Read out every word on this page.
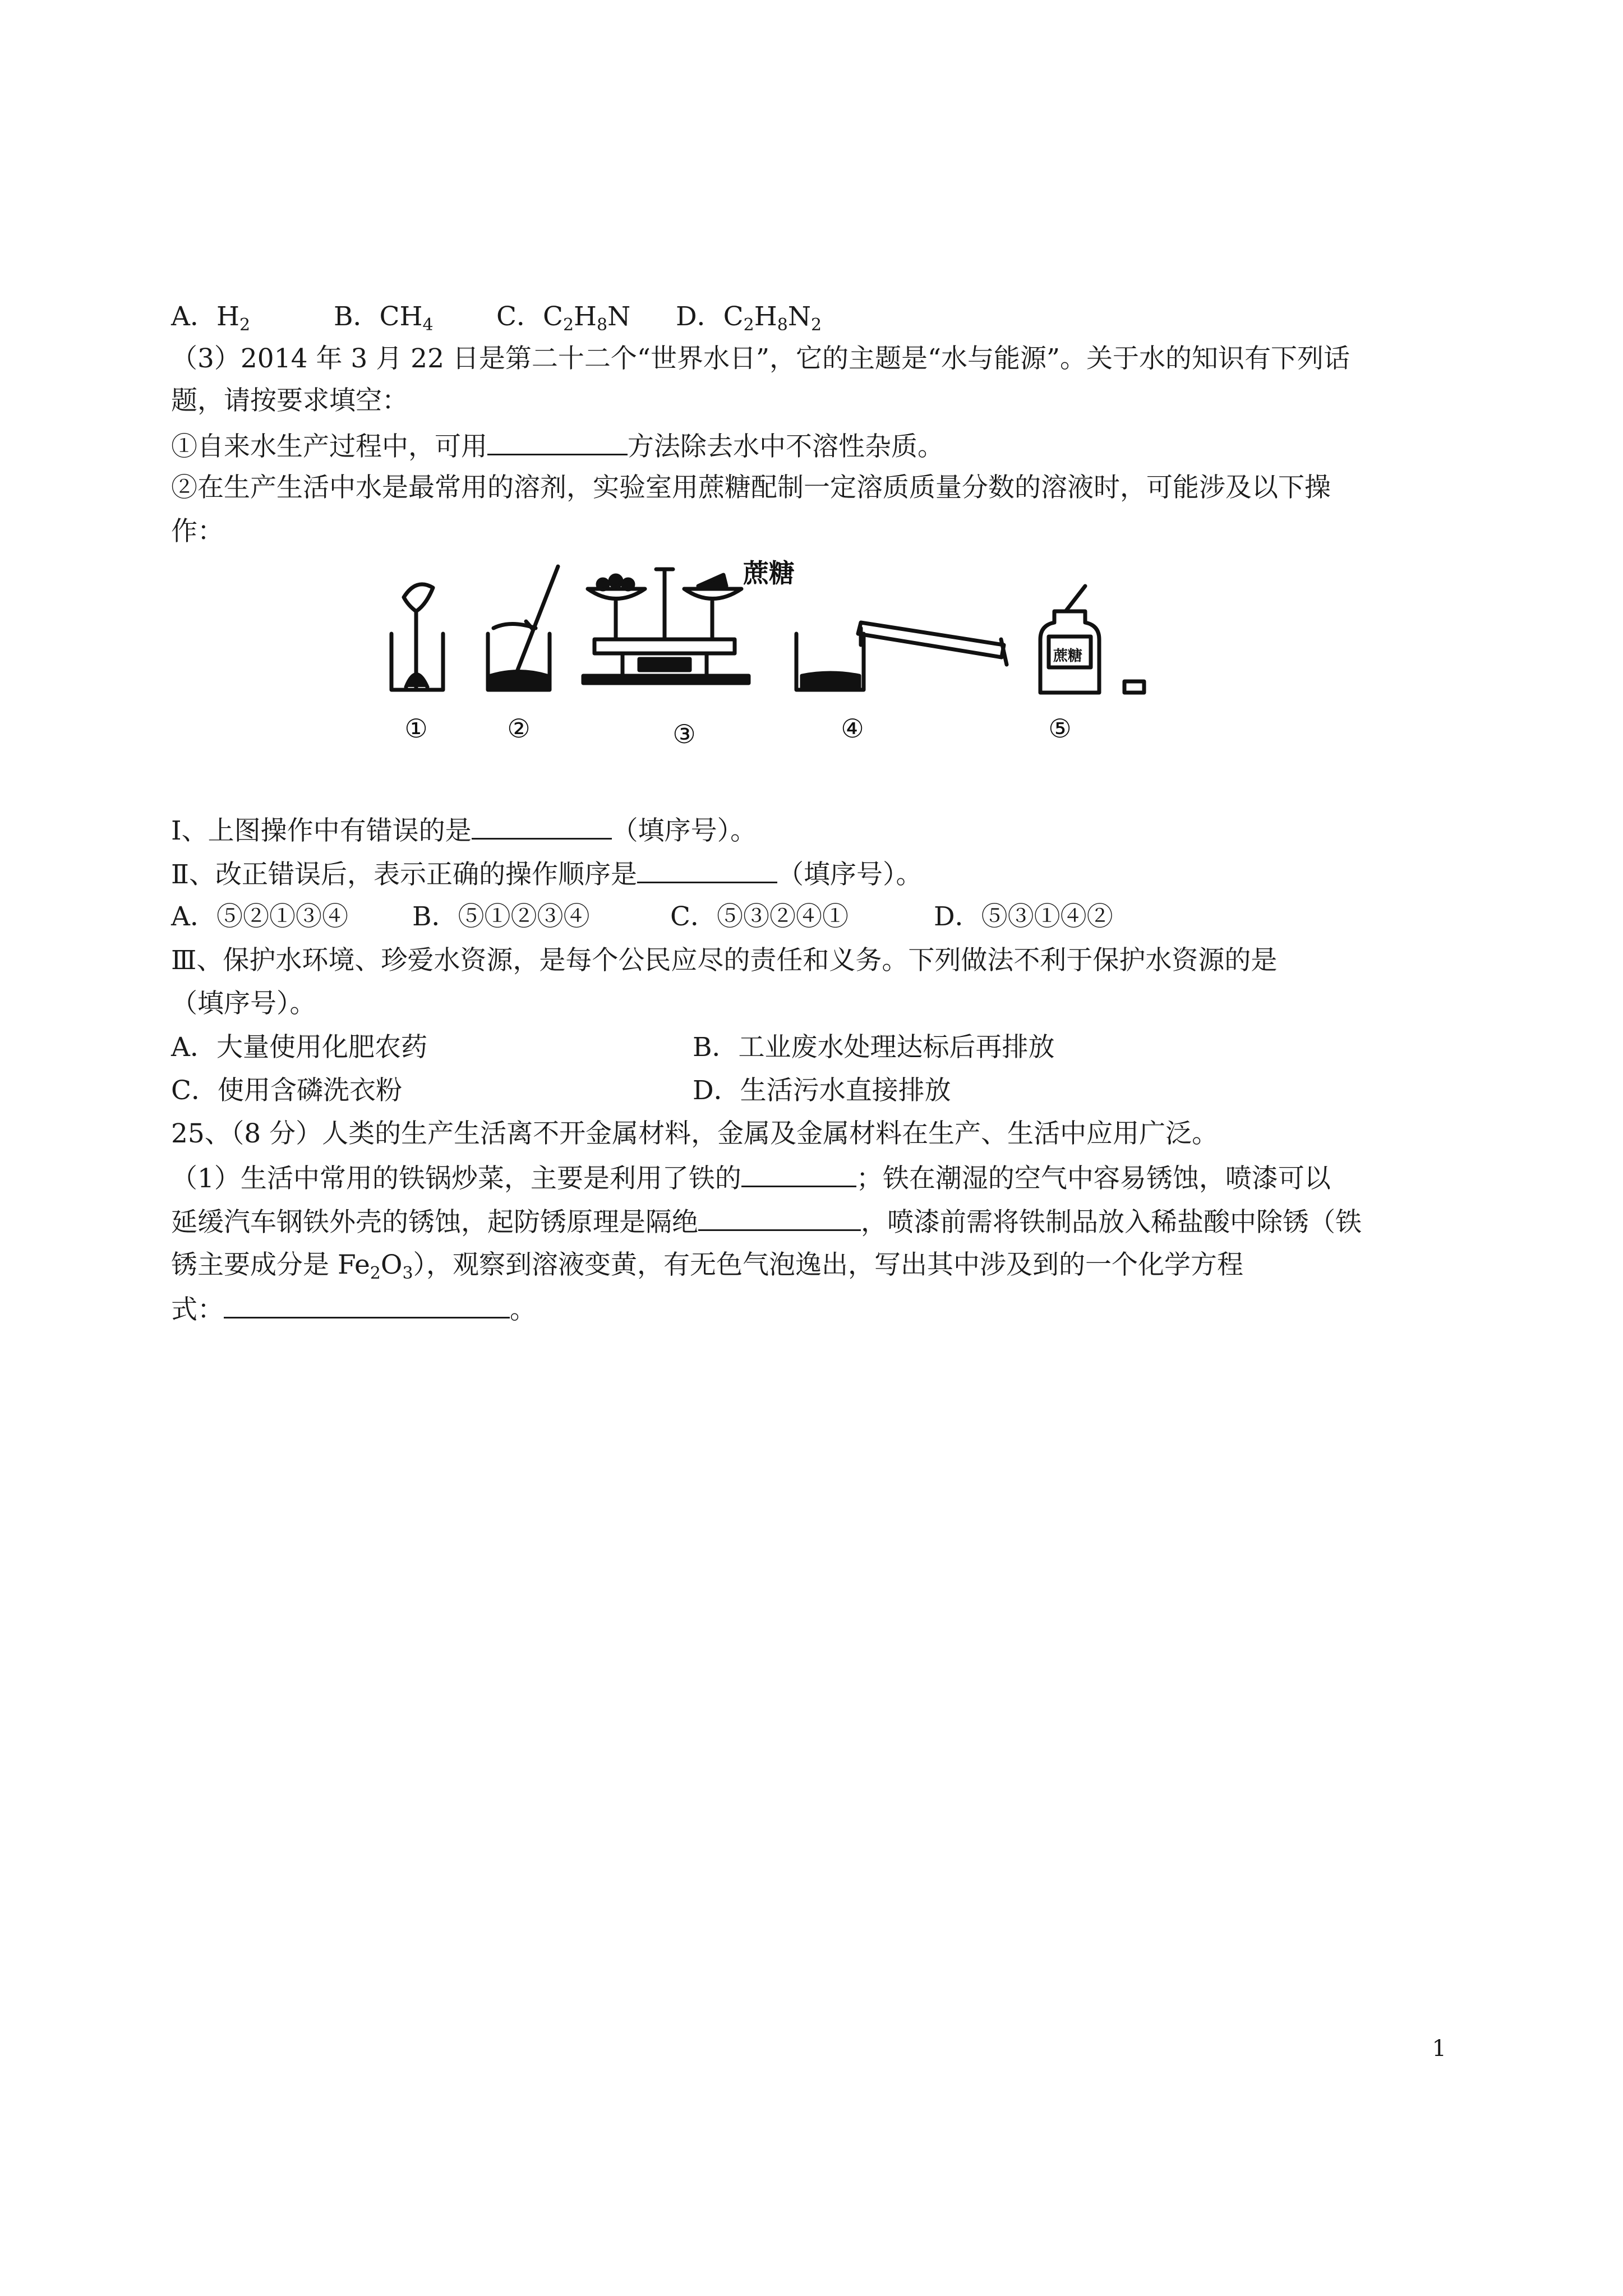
A．$H_2$	B．$CH_4$ C．$C_2H_8N$ D．$C_2H_8N_2$
（3）2014 年 3 月 22 日是第二十二个“世界水日”，它的主题是“水与能源”。关于水的知识有下列话
题，请按要求填空：
①自来水生产过程中，可用	方法除去水中不溶性杂质。
②在生产生活中水是最常用的溶剂，实验室用蔗糖配制一定溶质质量分数的溶液时，可能涉及以下操
作：
蔗糖
蔗糖
①	②	③	④	⑤
Ⅰ、上图操作中有错误的是	（填序号）。
Ⅱ、改正错误后，表示正确的操作顺序是	（填序号）。
A．⑤②①③④ B．⑤①②③④	C．⑤③②④①	D．⑤③①④②
Ⅲ、保护水环境、珍爱水资源，是每个公民应尽的责任和义务。下列做法不利于保护水资源的是
（填序号）。
A．大量使用化肥农药	B．工业废水处理达标后再排放
C．使用含磷洗衣粉	D．生活污水直接排放
25、（8 分）人类的生产生活离不开金属材料，金属及金属材料在生产、生活中应用广泛。
（1）生活中常用的铁锅炒菜，主要是利用了铁的	；铁在潮湿的空气中容易锈蚀，喷漆可以
延缓汽车钢铁外壳的锈蚀，起防锈原理是隔绝	，喷漆前需将铁制品放入稀盐酸中除锈（铁
锈主要成分是 $Fe_2O_3$），观察到溶液变黄，有无色气泡逸出，写出其中涉及到的一个化学方程
式：	。
1
